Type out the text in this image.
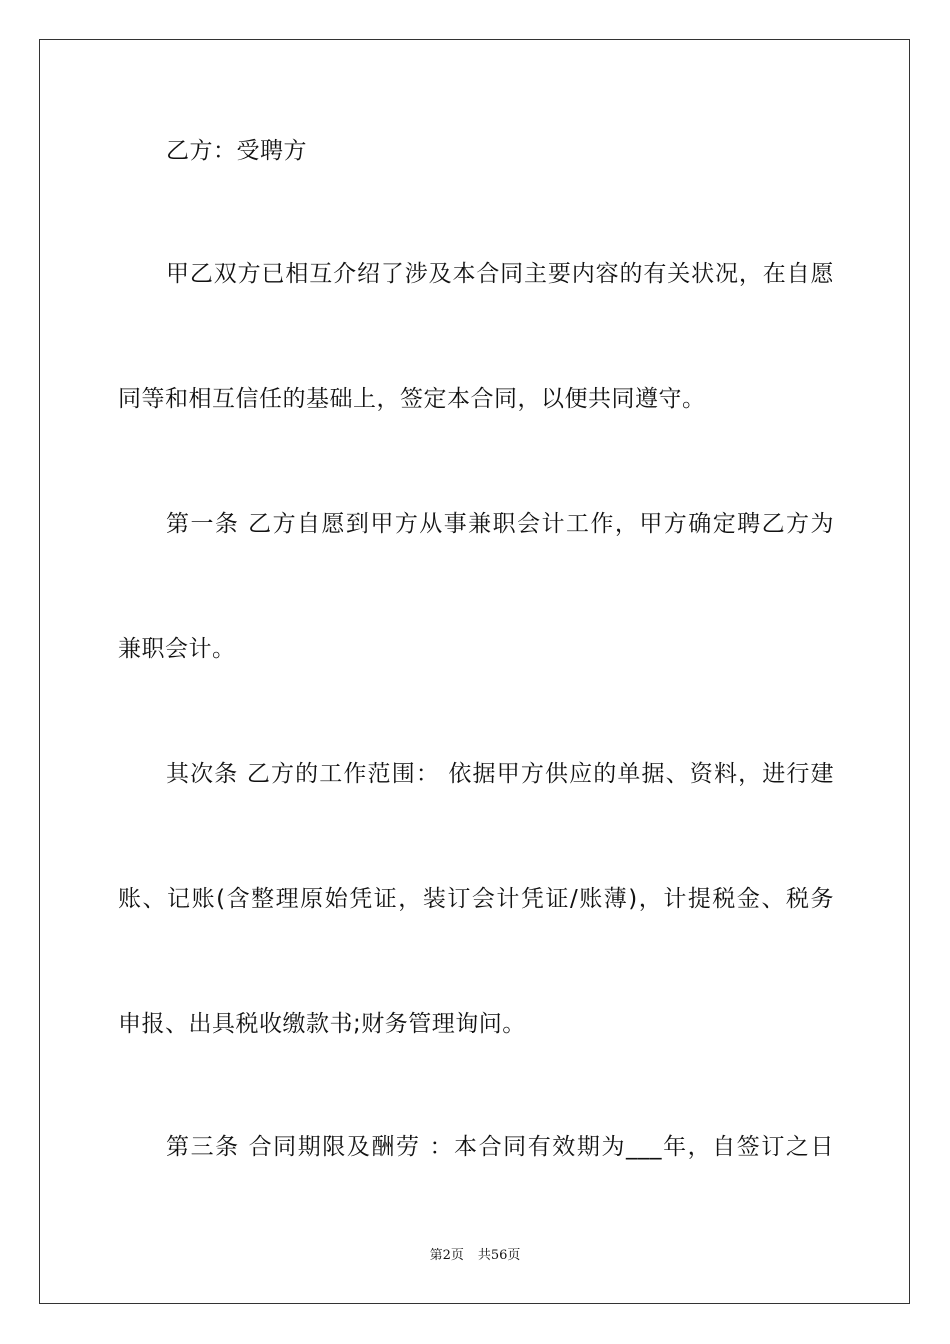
乙方：受聘方
甲乙双方已相互介绍了涉及本合同主要内容的有关状况，在自愿
同等和相互信任的基础上，签定本合同，以便共同遵守。
第一条 乙方自愿到甲方从事兼职会计工作，甲方确定聘乙方为
兼职会计。
其次条 乙方的工作范围： 依据甲方供应的单据、资料，进行建
账、记账(含整理原始凭证，装订会计凭证/账薄)，计提税金、税务
申报、出具税收缴款书;财务管理询问。
第三条 合同期限及酬劳 ：本合同有效期为___年，自签订之日
第2页 共56页
